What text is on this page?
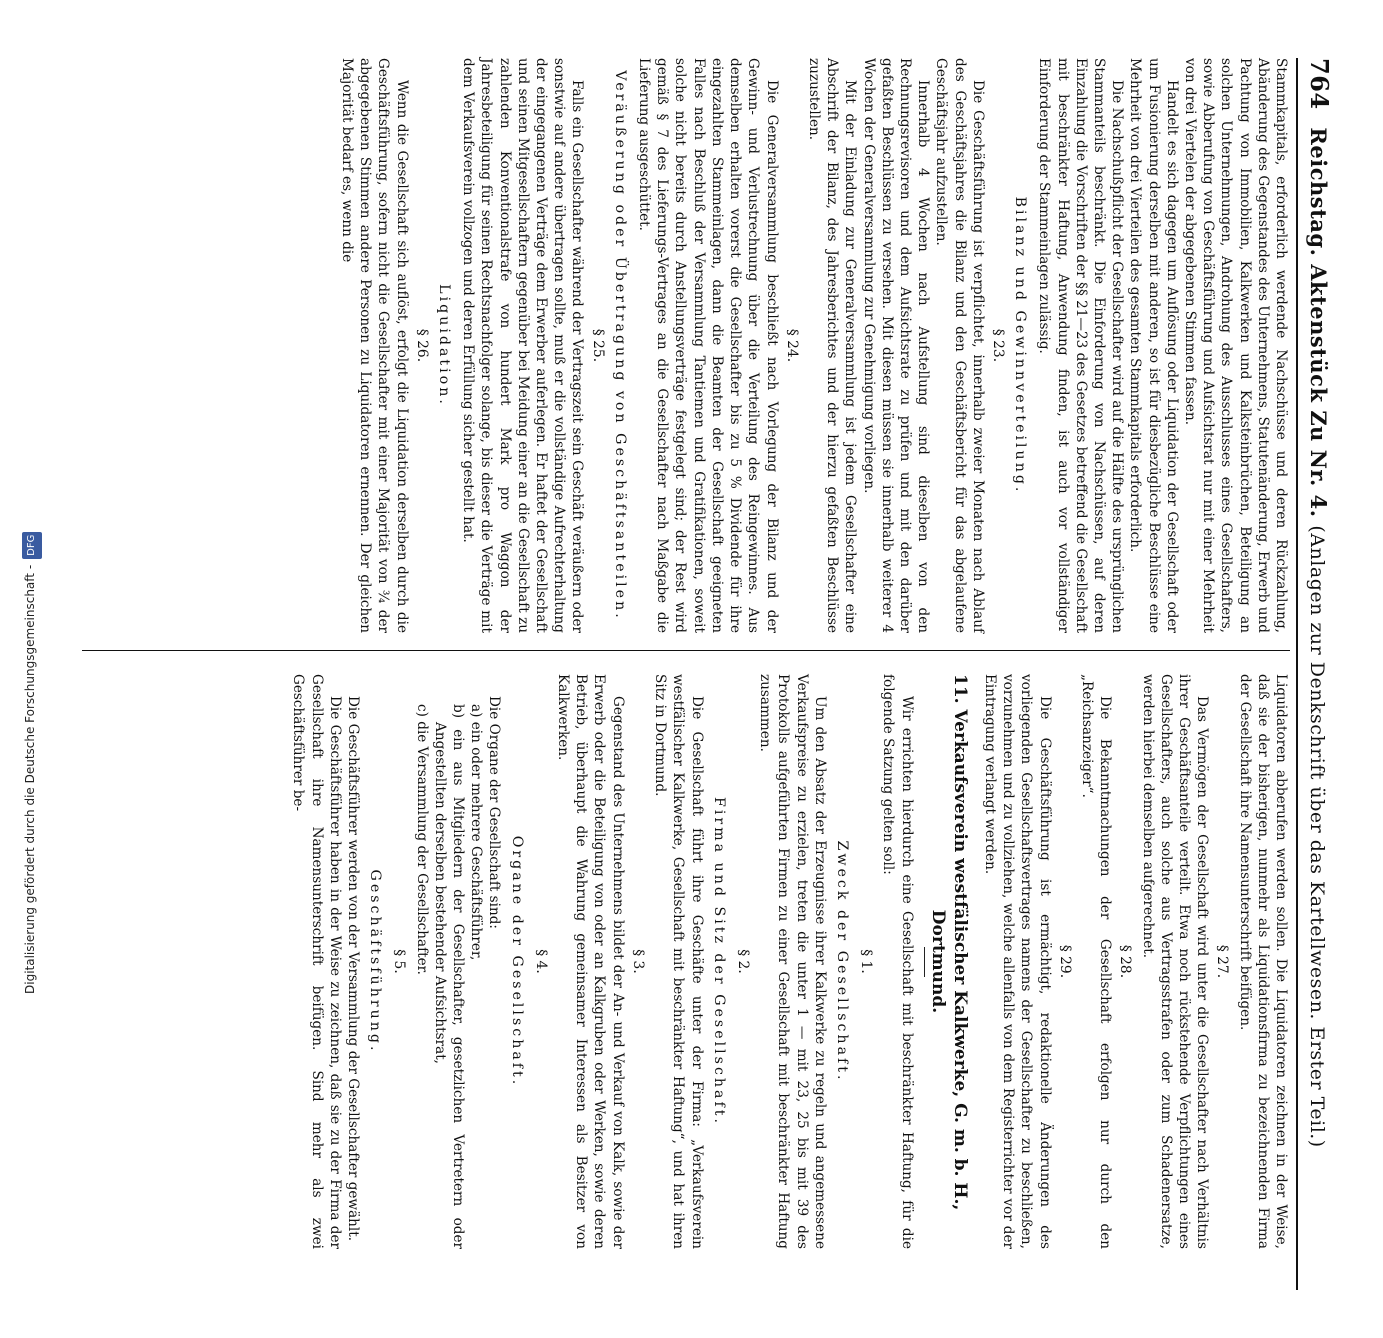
764 Reichstag. Aktenstück Zu Nr. 4. (Anlagen zur Denkschrift über das Kartellwesen. Erster Teil.)

Stammkapitals, erforderlich werdende Nachschüsse und deren Rückzahlung, Abänderung des Gegenstandes des Unternehmens, Statutenänderung, Erwerb und Pachtung von Immobilien, Kalkwerken und Kalksteinbrüchen, Beteiligung an solchen Unternehmungen, Androhung des Ausschlusses eines Gesellschafters, sowie Abberufung von Geschäftsführung und Aufsichtsrat nur mit einer Mehrheit von drei Viertelen der abgegebenen Stimmen fassen.

Handelt es sich dagegen um Auflösung oder Liquidation der Gesellschaft oder um Fusionierung derselben mit anderen, so ist für diesbezügliche Beschlüsse eine Mehrheit von drei Vierteilen des gesamten Stammkapitals erforderlich.

Die Nachschußpflicht der Gesellschafter wird auf die Hälfte des ursprünglichen Stammanteils beschränkt. Die Einforderung von Nachschüssen, auf deren Einzahlung die Vorschriften der §§ 21—23 des Gesetzes betreffend die Gesellschaft mit beschränkter Haftung, Anwendung finden, ist auch vor vollständiger Einforderung der Stammeinlagen zulässig.

Bilanz und Gewinnverteilung.
§ 23.

Die Geschäftsführung ist verpflichtet, innerhalb zweier Monaten nach Ablauf des Geschäftsjahres die Bilanz und den Geschäftsbericht für das abgelaufene Geschäftsjahr aufzustellen.

Innerhalb 4 Wochen nach Aufstellung sind dieselben von den Rechnungsrevisoren und dem Aufsichtsrate zu prüfen und mit den darüber gefaßten Beschlüssen zu versehen. Mit diesen müssen sie innerhalb weiterer 4 Wochen der Generalversammlung zur Genehmigung vorliegen.

Mit der Einladung zur Generalversammlung ist jedem Gesellschafter eine Abschrift der Bilanz, des Jahresberichtes und der hierzu gefaßten Beschlüsse zuzustellen.

§ 24.

Die Generalversammlung beschließt nach Vorlegung der Bilanz und der Gewinn- und Verlustrechnung über die Verteilung des Reingewinnes. Aus demselben erhalten vorerst die Gesellschafter bis zu 5 % Dividende für ihre eingezahlten Stammeinlagen, dann die Beamten der Gesellschaft geeigneten Falles nach Beschluß der Versammlung Tantiemen und Gratifikationen, soweit solche nicht bereits durch Anstellungsverträge festgelegt sind; der Rest wird gemäß § 7 des Lieferungs-Vertrages an die Gesellschafter nach Maßgabe die Lieferung ausgeschüttet.

Veräußerung oder Übertragung von Geschäftsanteilen.
§ 25.

Falls ein Gesellschafter während der Vertragszeit sein Geschäft veräußern oder sonstwie auf andere übertragen sollte, muß er die vollständige Aufrechterhaltung der eingegangenen Verträge dem Erwerber auferlegen. Er haftet der Gesellschaft und seinen Mitgesellschaftern gegenüber bei Meidung einer an die Gesellschaft zu zahlenden Konventionalstrafe von hundert Mark pro Waggon der Jahresbeteiligung für seinen Rechtsnachfolger solange, bis dieser die Verträge mit dem Verkaufsverein vollzogen und deren Erfüllung sicher gestellt hat.

Liquidation.
§ 26.

Wenn die Gesellschaft sich auflöst, erfolgt die Liquidation derselben durch die Geschäftsführung, sofern nicht die Gesellschafter mit einer Majorität von ¾ der abgegebenen Stimmen andere Personen zu Liquidatoren ernennen. Der gleichen Majorität bedarf es, wenn die

Liquidatoren abberufen werden sollen. Die Liquidatoren zeichnen in der Weise, daß sie der bisherigen, nunmehr als Liquidationsfirma zu bezeichnenden Firma der Gesellschaft ihre Namensunterschrift beifügen.

§ 27.

Das Vermögen der Gesellschaft wird unter die Gesellschafter nach Verhältnis ihrer Geschäftsanteile verteilt. Etwa noch rückstehende Verpflichtungen eines Gesellschafters, auch solche aus Vertragsstrafen oder zum Schadenersatze, werden hierbei demselben aufgerechnet.

§ 28.

Die Bekanntmachungen der Gesellschaft erfolgen nur durch den „Reichsanzeiger“.

§ 29.

Die Geschäftsführung ist ermächtigt, redaktionelle Änderungen des vorliegenden Gesellschaftsvertrages namens der Gesellschafter zu beschließen, vorzunehmen und zu vollziehen, welche allenfalls von dem Registerrichter vor der Eintragung verlangt werden.

11. Verkaufsverein westfälischer Kalkwerke, G. m. b. H.,

Dortmund.

Wir errichten hierdurch eine Gesellschaft mit beschränkter Haftung, für die folgende Satzung gelten soll:

§ 1.
Zweck der Gesellschaft.

Um den Absatz der Erzeugnisse ihrer Kalkwerke zu regeln und angemessene Verkaufspreise zu erzielen, treten die unter 1 — mit 23, 25 bis mit 39 des Protokolls aufgeführten Firmen zu einer Gesellschaft mit beschränkter Haftung zusammen.

§ 2.
Firma und Sitz der Gesellschaft.

Die Gesellschaft führt ihre Geschäfte unter der Firma: „Verkaufsverein westfälischer Kalkwerke, Gesellschaft mit beschränkter Haftung“, und hat ihren Sitz in Dortmund.

§ 3.

Gegenstand des Unternehmens bildet der An- und Verkauf von Kalk, sowie der Erwerb oder die Beteiligung von oder an Kalkgruben oder Werken, sowie deren Betrieb, überhaupt die Wahrung gemeinsamer Interessen als Besitzer von Kalkwerken.

§ 4.
Organe der Gesellschaft.

Die Organe der Gesellschaft sind:

a) ein oder mehrere Geschäftsführer,
b) ein aus Mitgliedern der Gesellschafter, gesetzlichen Vertretern oder Angestellten derselben bestehender Aufsichtsrat,
c) die Versammlung der Gesellschafter.
§ 5.
Geschäftsführung.

Die Geschäftsführer werden von der Versammlung der Gesellschafter gewählt.

Die Geschäftsführer haben in der Weise zu zeichnen, daß sie zu der Firma der Gesellschaft ihre Namensunterschrift beifügen. Sind mehr als zwei Geschäftsführer be-

Digitalisierung gefördert durch die Deutsche Forschungsgemeinschaft -DFG
